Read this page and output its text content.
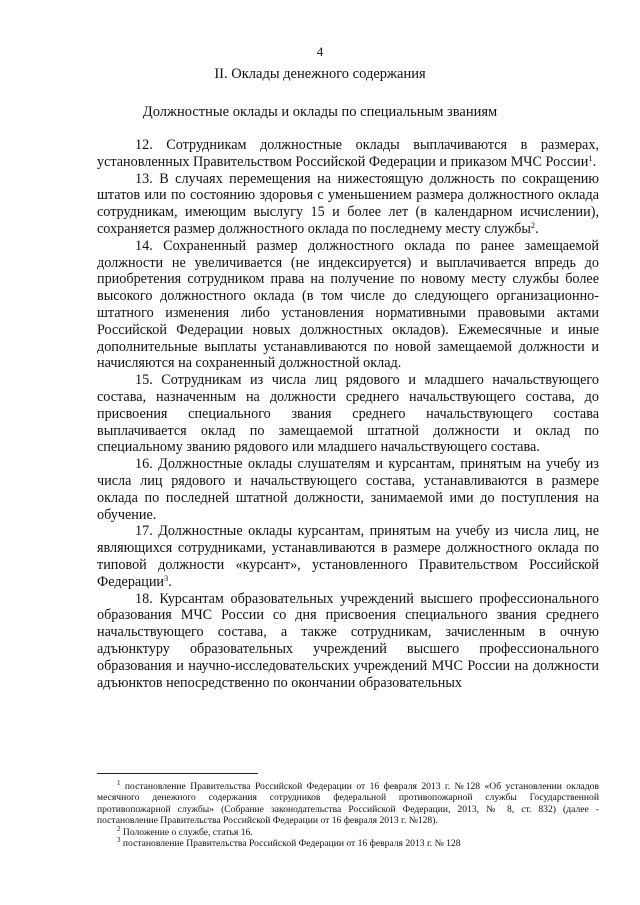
4
II. Оклады денежного содержания
Должностные оклады и оклады по специальным званиям

12. Сотрудникам должностные оклады выплачиваются в размерах, установленных Правительством Российской Федерации и приказом МЧС России$^1$.

13. В случаях перемещения на нижестоящую должность по сокращению штатов или по состоянию здоровья с уменьшением размера должностного оклада сотрудникам, имеющим выслугу 15 и более лет (в календарном исчислении), сохраняется размер должностного оклада по последнему месту службы$^2$.

14. Сохраненный размер должностного оклада по ранее замещаемой должности не увеличивается (не индексируется) и выплачивается впредь до приобретения сотрудником права на получение по новому месту службы более высокого должностного оклада (в том числе до следующего организационно-штатного изменения либо установления нормативными правовыми актами Российской Федерации новых должностных окладов). Ежемесячные и иные дополнительные выплаты устанавливаются по новой замещаемой должности и начисляются на сохраненный должностной оклад.

15. Сотрудникам из числа лиц рядового и младшего начальствующего состава, назначенным на должности среднего начальствующего состава, до присвоения специального звания среднего начальствующего состава выплачивается оклад по замещаемой штатной должности и оклад по специальному званию рядового или младшего начальствующего состава.

16. Должностные оклады слушателям и курсантам, принятым на учебу из числа лиц рядового и начальствующего состава, устанавливаются в размере оклада по последней штатной должности, занимаемой ими до поступления на обучение.

17. Должностные оклады курсантам, принятым на учебу из числа лиц, не являющихся сотрудниками, устанавливаются в размере должностного оклада по типовой должности «курсант», установленного Правительством Российской Федерации$^3$.

18. Курсантам образовательных учреждений высшего профессионального образования МЧС России со дня присвоения специального звания среднего начальствующего состава, а также сотрудникам, зачисленным в очную адъюнктуру образовательных учреждений высшего профессионального образования и научно-исследовательских учреждений МЧС России на должности адъюнктов непосредственно по окончании образовательных

$^1$ постановление Правительства Российской Федерации от 16 февраля 2013 г. №128 «Об установлении окладов месячного денежного содержания сотрудников федеральной противопожарной службы Государственной противопожарной службы» (Собрание законодательства Российской Федерации, 2013, № 8, ст. 832) (далее - постановление Правительства Российской Федерации от 16 февраля 2013 г. №128).

$^2$ Положение о службе, статья 16.

$^3$ постановление Правительства Российской Федерации от 16 февраля 2013 г. № 128
